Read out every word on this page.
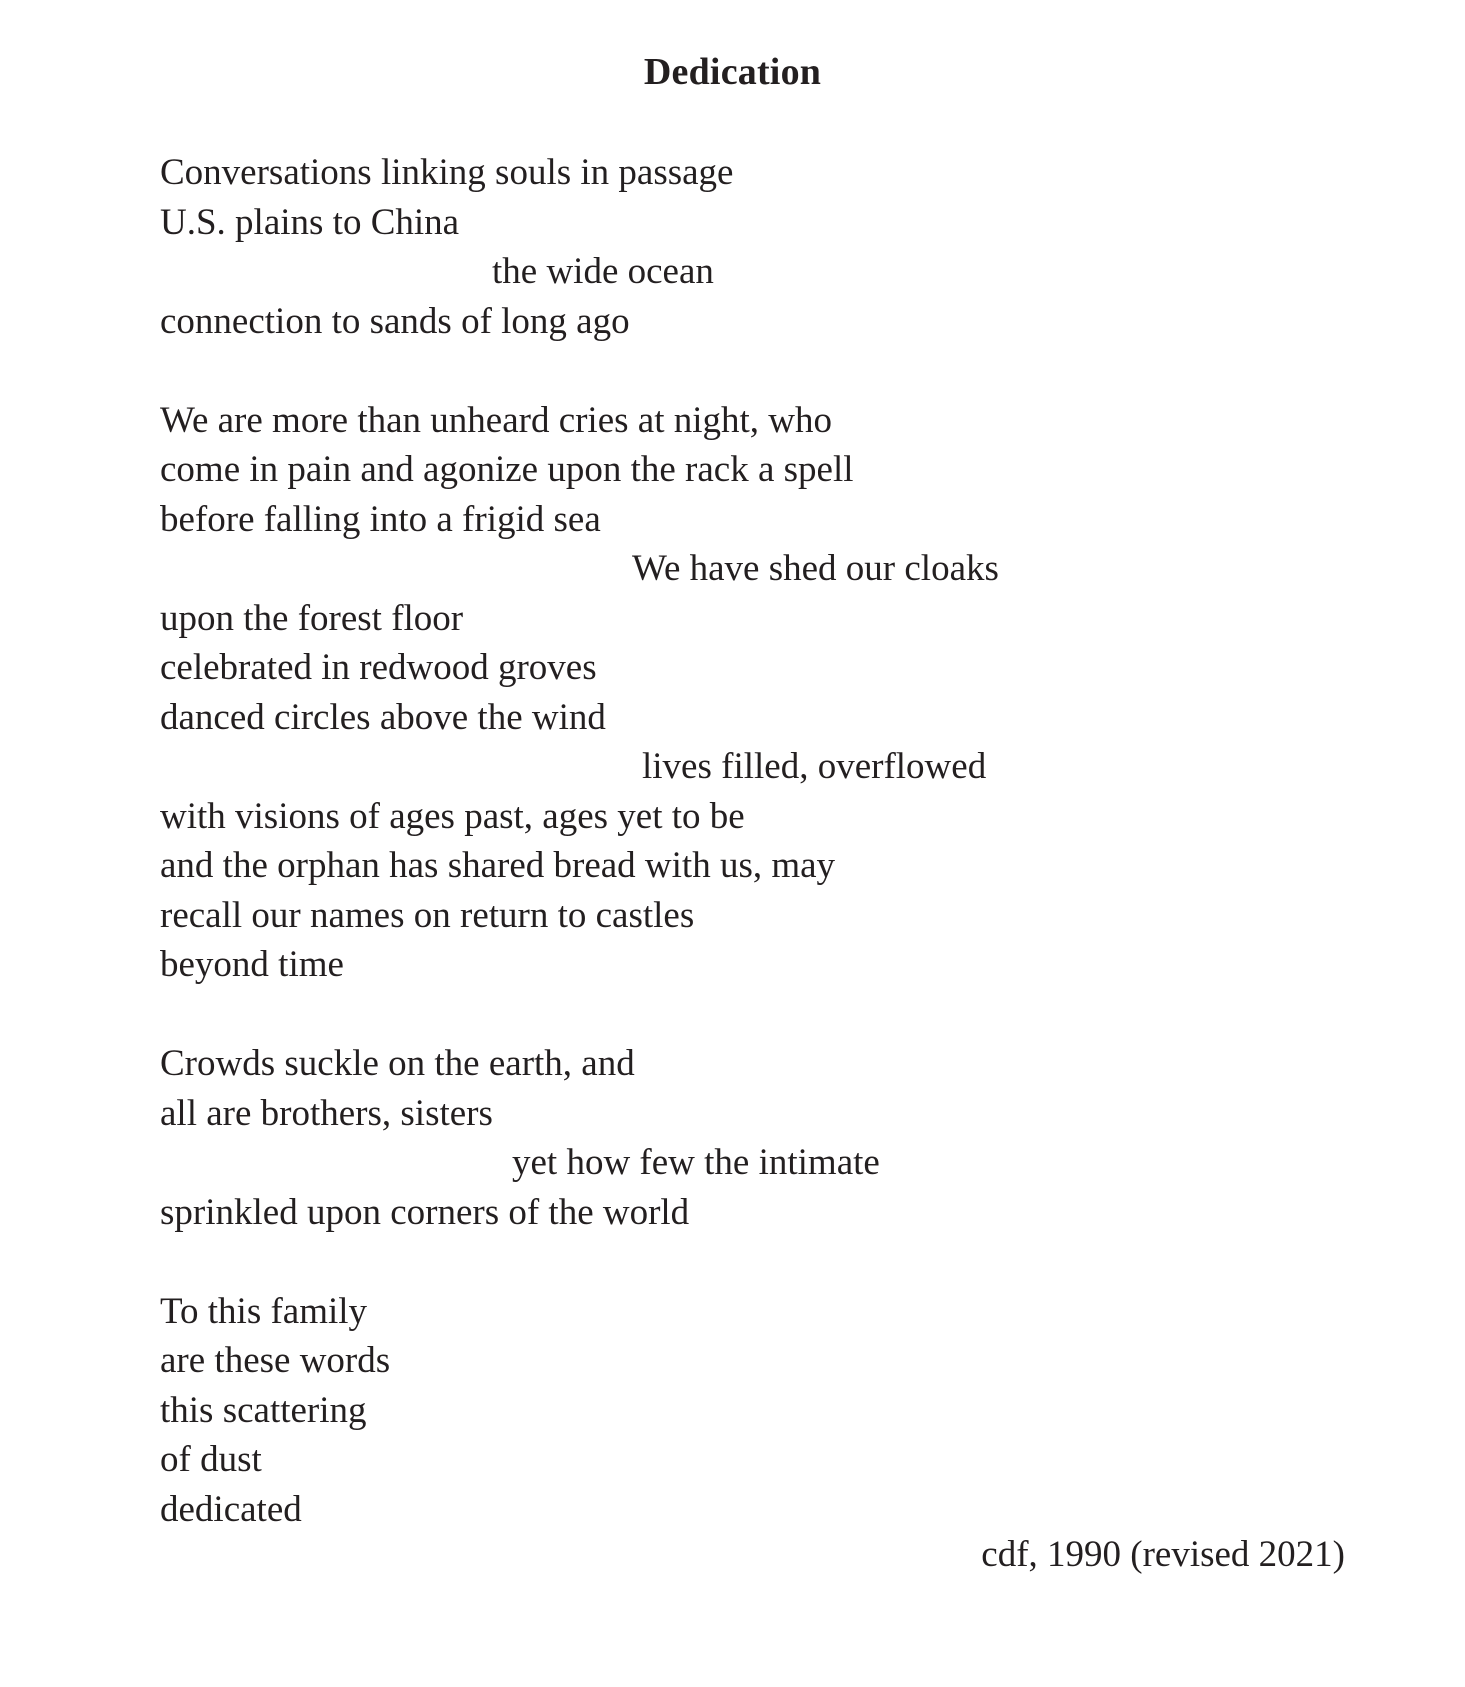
Dedication
Conversations linking souls in passage
U.S. plains to China
the wide ocean
connection to sands of long ago
We are more than unheard cries at night, who
come in pain and agonize upon the rack a spell
before falling into a frigid sea
We have shed our cloaks
upon the forest floor
celebrated in redwood groves
danced circles above the wind
lives filled, overflowed
with visions of ages past, ages yet to be
and the orphan has shared bread with us, may
recall our names on return to castles
beyond time
Crowds suckle on the earth, and
all are brothers, sisters
yet how few the intimate
sprinkled upon corners of the world
To this family
are these words
this scattering
of dust
dedicated
cdf, 1990 (revised 2021)
